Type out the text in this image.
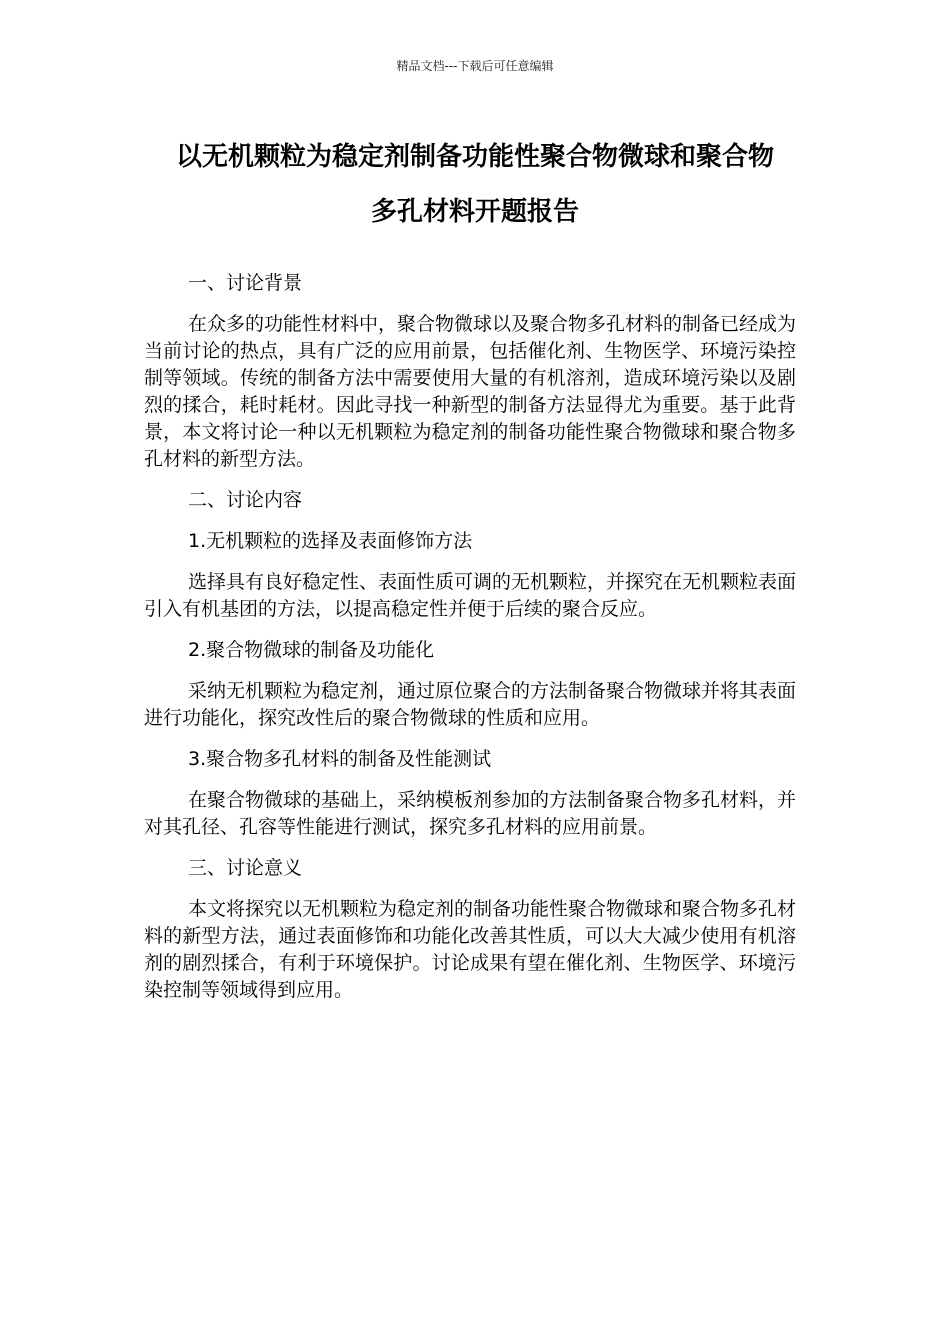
精品文档---下载后可任意编辑
以无机颗粒为稳定剂制备功能性聚合物微球和聚合物
多孔材料开题报告

一、讨论背景

在众多的功能性材料中，聚合物微球以及聚合物多孔材料的制备已经成为当前讨论的热点，具有广泛的应用前景，包括催化剂、生物医学、环境污染控制等领域。传统的制备方法中需要使用大量的有机溶剂，造成环境污染以及剧烈的揉合，耗时耗材。因此寻找一种新型的制备方法显得尤为重要。基于此背景，本文将讨论一种以无机颗粒为稳定剂的制备功能性聚合物微球和聚合物多孔材料的新型方法。

二、讨论内容

1.无机颗粒的选择及表面修饰方法

选择具有良好稳定性、表面性质可调的无机颗粒，并探究在无机颗粒表面引入有机基团的方法，以提高稳定性并便于后续的聚合反应。

2.聚合物微球的制备及功能化

采纳无机颗粒为稳定剂，通过原位聚合的方法制备聚合物微球并将其表面进行功能化，探究改性后的聚合物微球的性质和应用。

3.聚合物多孔材料的制备及性能测试

在聚合物微球的基础上，采纳模板剂参加的方法制备聚合物多孔材料，并对其孔径、孔容等性能进行测试，探究多孔材料的应用前景。

三、讨论意义

本文将探究以无机颗粒为稳定剂的制备功能性聚合物微球和聚合物多孔材料的新型方法，通过表面修饰和功能化改善其性质，可以大大减少使用有机溶剂的剧烈揉合，有利于环境保护。讨论成果有望在催化剂、生物医学、环境污染控制等领域得到应用。
